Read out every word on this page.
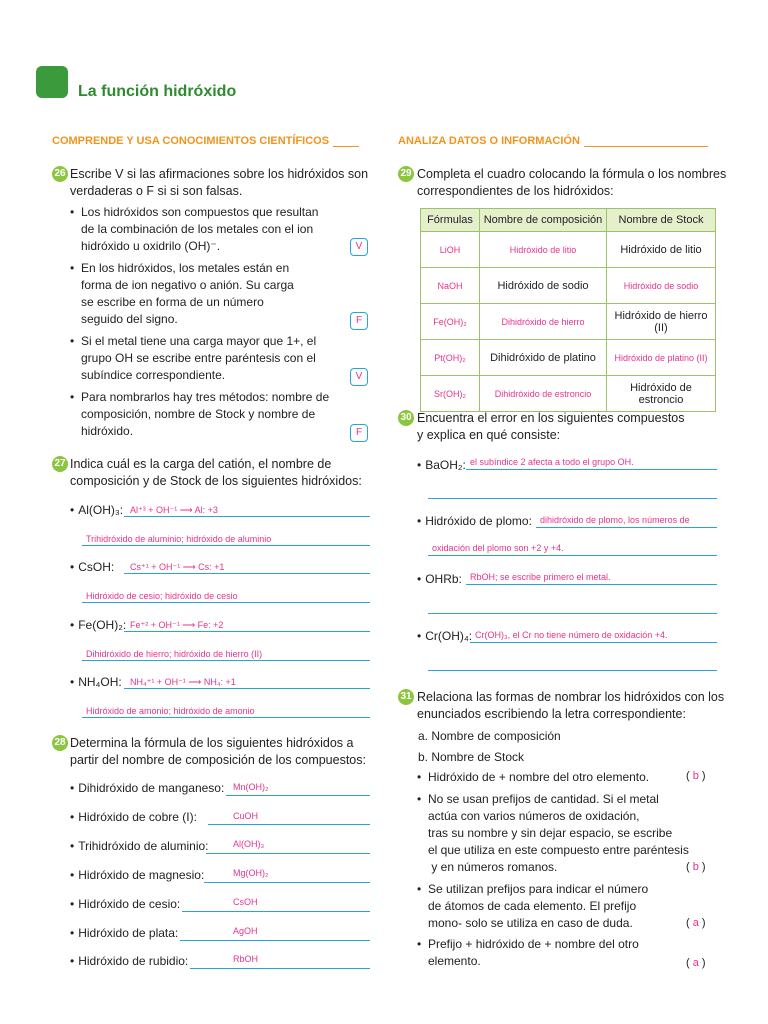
La función hidróxido
COMPRENDE Y USA CONOCIMIENTOS CIENTÍFICOS	ANALIZA DATOS O INFORMACIÓN
26 Escribe V si las afirmaciones sobre los hidróxidos son
verdaderas o F si si son falsas.
• Los hidróxidos son compuestos que resultan
de la combinación de los metales con el ion
hidróxido u oxidrilo (OH)⁻.	V
• En los hidróxidos, los metales están en
forma de ion negativo o anión. Su carga
se escribe en forma de un número
seguido del signo.	F
• Si el metal tiene una carga mayor que 1+, el
grupo OH se escribe entre paréntesis con el
subíndice correspondiente.	V
• Para nombrarlos hay tres métodos: nombre de
composición, nombre de Stock y nombre de
hidróxido.	F
27 Indica cuál es la carga del catión, el nombre de
composición y de Stock de los siguientes hidróxidos:
• Al(OH)₃: Al⁺³ + OH⁻¹ ⟶ Al: +3
Trihidróxido de aluminio; hidróxido de aluminio
• CsOH: Cs⁺¹ + OH⁻¹ ⟶ Cs: +1
Hidróxido de cesio; hidróxido de cesio
• Fe(OH)₂: Fe⁺² + OH⁻¹ ⟶ Fe: +2
Dihidróxido de hierro; hidróxido de hierro (II)
• NH₄OH: NH₄⁺¹ + OH⁻¹ ⟶ NH₄: +1
Hidróxido de amonio; hidróxido de amonio
28 Determina la fórmula de los siguientes hidróxidos a
partir del nombre de composición de los compuestos:
• Dihidróxido de manganeso: Mn(OH)₂
• Hidróxido de cobre (I):	CuOH
• Trihidróxido de aluminio:	Al(OH)₃
• Hidróxido de magnesio:	Mg(OH)₂
• Hidróxido de cesio:	CsOH
• Hidróxido de plata:	AgOH
• Hidróxido de rubidio:	RbOH
29 Completa el cuadro colocando la fórmula o los nombres
correspondientes de los hidróxidos:
Fórmulas	Nombre de composición	Nombre de Stock
LiOH	Hidróxido de litio	Hidróxido de litio
NaOH	Hidróxido de sodio	Hidróxido de sodio
Fe(OH)₂	Dihidróxido de hierro	Hidróxido de hierro (II)
Pt(OH)₂	Dihidróxido de platino	Hidróxido de platino (II)
Sr(OH)₂	Dihidróxido de estroncio	Hidróxido de estroncio
30 Encuentra el error en los siguientes compuestos
y explica en qué consiste:
• BaOH₂: el subíndice 2 afecta a todo el grupo OH.
• Hidróxido de plomo: dihidróxido de plomo, los números de
oxidación del plomo son +2 y +4.
• OHRb: RbOH; se escribe primero el metal.
• Cr(OH)₄: Cr(OH)₃, el Cr no tiene número de oxidación +4.
31 Relaciona las formas de nombrar los hidróxidos con los
enunciados escribiendo la letra correspondiente:
a. Nombre de composición
b. Nombre de Stock
• Hidróxido de + nombre del otro elemento.	( b )
• No se usan prefijos de cantidad. Si el metal
actúa con varios números de oxidación,
tras su nombre y sin dejar espacio, se escribe
el que utiliza en este compuesto entre paréntesis
y en números romanos.	( b )
• Se utilizan prefijos para indicar el número
de átomos de cada elemento. El prefijo
mono- solo se utiliza en caso de duda.	( a )
• Prefijo + hidróxido de + nombre del otro
elemento.	( a )
